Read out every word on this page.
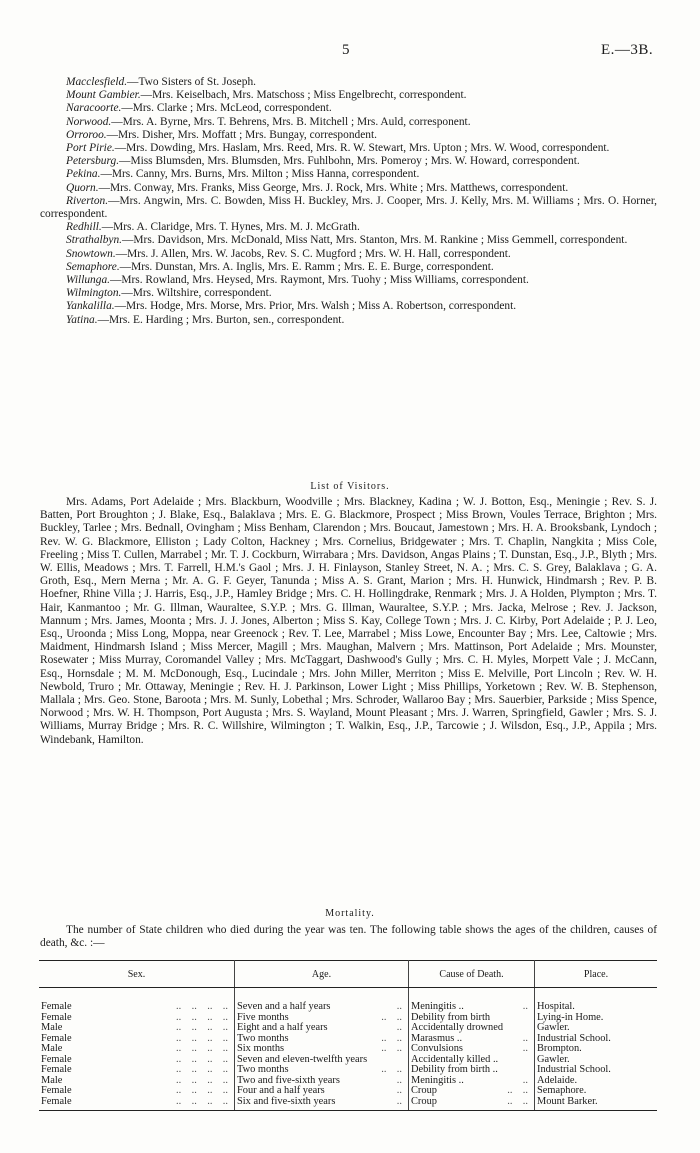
5	E.—3B.

Macclesfield.—Two Sisters of St. Joseph.

Mount Gambier.—Mrs. Keiselbach, Mrs. Matschoss ; Miss Engelbrecht, correspondent.

Naracoorte.—Mrs. Clarke ; Mrs. McLeod, correspondent.

Norwood.—Mrs. A. Byrne, Mrs. T. Behrens, Mrs. B. Mitchell ; Mrs. Auld, corresponent.

Orroroo.—Mrs. Disher, Mrs. Moffatt ; Mrs. Bungay, correspondent.

Port Pirie.—Mrs. Dowding, Mrs. Haslam, Mrs. Reed, Mrs. R. W. Stewart, Mrs. Upton ; Mrs. W. Wood, correspondent.

Petersburg.—Miss Blumsden, Mrs. Blumsden, Mrs. Fuhlbohn, Mrs. Pomeroy ; Mrs. W. Howard, correspondent.

Pekina.—Mrs. Canny, Mrs. Burns, Mrs. Milton ; Miss Hanna, correspondent.

Quorn.—Mrs. Conway, Mrs. Franks, Miss George, Mrs. J. Rock, Mrs. White ; Mrs. Matthews, correspondent.

Riverton.—Mrs. Angwin, Mrs. C. Bowden, Miss H. Buckley, Mrs. J. Cooper, Mrs. J. Kelly, Mrs. M. Williams ; Mrs. O. Horner, correspondent.

Redhill.—Mrs. A. Claridge, Mrs. T. Hynes, Mrs. M. J. McGrath.

Strathalbyn.—Mrs. Davidson, Mrs. McDonald, Miss Natt, Mrs. Stanton, Mrs. M. Rankine ; Miss Gemmell, correspondent.

Snowtown.—Mrs. J. Allen, Mrs. W. Jacobs, Rev. S. C. Mugford ; Mrs. W. H. Hall, correspondent.

Semaphore.—Mrs. Dunstan, Mrs. A. Inglis, Mrs. E. Ramm ; Mrs. E. E. Burge, correspondent.

Willunga.—Mrs. Rowland, Mrs. Heysed, Mrs. Raymont, Mrs. Tuohy ; Miss Williams, correspondent.

Wilmington.—Mrs. Wiltshire, correspondent.

Yankalilla.—Mrs. Hodge, Mrs. Morse, Mrs. Prior, Mrs. Walsh ; Miss A. Robertson, correspondent.

Yatina.—Mrs. E. Harding ; Mrs. Burton, sen., correspondent.

List of Visitors.

Mrs. Adams, Port Adelaide ; Mrs. Blackburn, Woodville ; Mrs. Blackney, Kadina ; W. J. Botton, Esq., Meningie ; Rev. S. J. Batten, Port Broughton ; J. Blake, Esq., Balaklava ; Mrs. E. G. Blackmore, Prospect ; Miss Brown, Voules Terrace, Brighton ; Mrs. Buckley, Tarlee ; Mrs. Bednall, Ovingham ; Miss Benham, Clarendon ; Mrs. Boucaut, Jamestown ; Mrs. H. A. Brooksbank, Lyndoch ; Rev. W. G. Blackmore, Elliston ; Lady Colton, Hackney ; Mrs. Cornelius, Bridgewater ; Mrs. T. Chaplin, Nangkita ; Miss Cole, Freeling ; Miss T. Cullen, Marrabel ; Mr. T. J. Cockburn, Wirrabara ; Mrs. Davidson, Angas Plains ; T. Dunstan, Esq., J.P., Blyth ; Mrs. W. Ellis, Meadows ; Mrs. T. Farrell, H.M.'s Gaol ; Mrs. J. H. Finlayson, Stanley Street, N. A. ; Mrs. C. S. Grey, Balaklava ; G. A. Groth, Esq., Mern Merna ; Mr. A. G. F. Geyer, Tanunda ; Miss A. S. Grant, Marion ; Mrs. H. Hunwick, Hindmarsh ; Rev. P. B. Hoefner, Rhine Villa ; J. Harris, Esq., J.P., Hamley Bridge ; Mrs. C. H. Hollingdrake, Renmark ; Mrs. J. A Holden, Plympton ; Mrs. T. Hair, Kanmantoo ; Mr. G. Illman, Wauraltee, S.Y.P. ; Mrs. G. Illman, Wauraltee, S.Y.P. ; Mrs. Jacka, Melrose ; Rev. J. Jackson, Mannum ; Mrs. James, Moonta ; Mrs. J. J. Jones, Alberton ; Miss S. Kay, College Town ; Mrs. J. C. Kirby, Port Adelaide ; P. J. Leo, Esq., Uroonda ; Miss Long, Moppa, near Greenock ; Rev. T. Lee, Marrabel ; Miss Lowe, Encounter Bay ; Mrs. Lee, Caltowie ; Mrs. Maidment, Hindmarsh Island ; Miss Mercer, Magill ; Mrs. Maughan, Malvern ; Mrs. Mattinson, Port Adelaide ; Mrs. Mounster, Rosewater ; Miss Murray, Coromandel Valley ; Mrs. McTaggart, Dashwood's Gully ; Mrs. C. H. Myles, Morpett Vale ; J. McCann, Esq., Hornsdale ; M. M. McDonough, Esq., Lucindale ; Mrs. John Miller, Merriton ; Miss E. Melville, Port Lincoln ; Rev. W. H. Newbold, Truro ; Mr. Ottaway, Meningie ; Rev. H. J. Parkinson, Lower Light ; Miss Phillips, Yorketown ; Rev. W. B. Stephenson, Mallala ; Mrs. Geo. Stone, Baroota ; Mrs. M. Sunly, Lobethal ; Mrs. Schroder, Wallaroo Bay ; Mrs. Sauerbier, Parkside ; Miss Spence, Norwood ; Mrs. W. H. Thompson, Port Augusta ; Mrs. S. Wayland, Mount Pleasant ; Mrs. J. Warren, Springfield, Gawler ; Mrs. S. J. Williams, Murray Bridge ; Mrs. R. C. Willshire, Wilmington ; T. Walkin, Esq., J.P., Tarcowie ; J. Wilsdon, Esq., J.P., Appila ; Mrs. Windebank, Hamilton.

Mortality.

The number of State children who died during the year was ten. The following table shows the ages of the children, causes of death, &c. :—

Sex.	Age.	Cause of Death.	Place.
Female ..    ..    ..    ..	Seven and a half years ..	Meningitis .. ..	Hospital.
Female ..    ..    ..    ..	Five months ..    ..	Debility from birth	Lying-in Home.
Male ..    ..    ..    ..	Eight and a half years ..	Accidentally drowned	Gawler.
Female ..    ..    ..    ..	Two months ..    ..	Marasmus .. ..	Industrial School.
Male ..    ..    ..    ..	Six months ..    ..	Convulsions ..	Brompton.
Female ..    ..    ..    ..	Seven and eleven-twelfth years	Accidentally killed ..	Gawler.
Female ..    ..    ..    ..	Two months ..    ..	Debility from birth ..	Industrial School.
Male ..    ..    ..    ..	Two and five-sixth years ..	Meningitis .. ..	Adelaide.
Female ..    ..    ..    ..	Four and a half years ..	Croup ..    ..	Semaphore.
Female ..    ..    ..    ..	Six and five-sixth years ..	Croup ..    ..	Mount Barker.
